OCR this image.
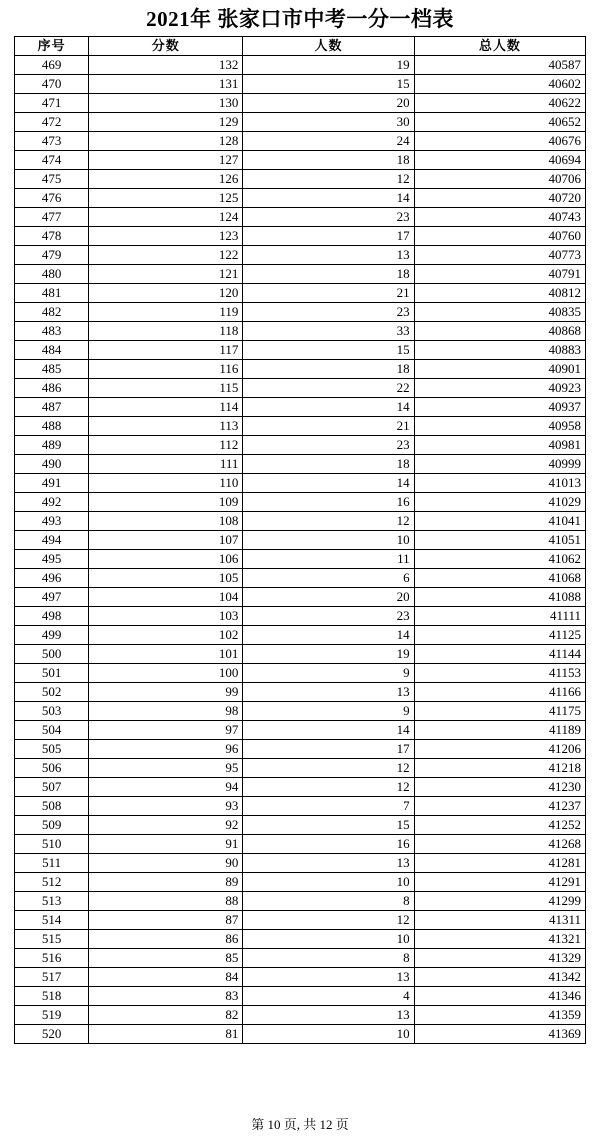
2021年 张家口市中考一分一档表
序号	分数	人数	总人数
469	132	19	40587
470	131	15	40602
471	130	20	40622
472	129	30	40652
473	128	24	40676
474	127	18	40694
475	126	12	40706
476	125	14	40720
477	124	23	40743
478	123	17	40760
479	122	13	40773
480	121	18	40791
481	120	21	40812
482	119	23	40835
483	118	33	40868
484	117	15	40883
485	116	18	40901
486	115	22	40923
487	114	14	40937
488	113	21	40958
489	112	23	40981
490	111	18	40999
491	110	14	41013
492	109	16	41029
493	108	12	41041
494	107	10	41051
495	106	11	41062
496	105	6	41068
497	104	20	41088
498	103	23	41111
499	102	14	41125
500	101	19	41144
501	100	9	41153
502	99	13	41166
503	98	9	41175
504	97	14	41189
505	96	17	41206
506	95	12	41218
507	94	12	41230
508	93	7	41237
509	92	15	41252
510	91	16	41268
511	90	13	41281
512	89	10	41291
513	88	8	41299
514	87	12	41311
515	86	10	41321
516	85	8	41329
517	84	13	41342
518	83	4	41346
519	82	13	41359
520	81	10	41369
第 10 页, 共 12 页
